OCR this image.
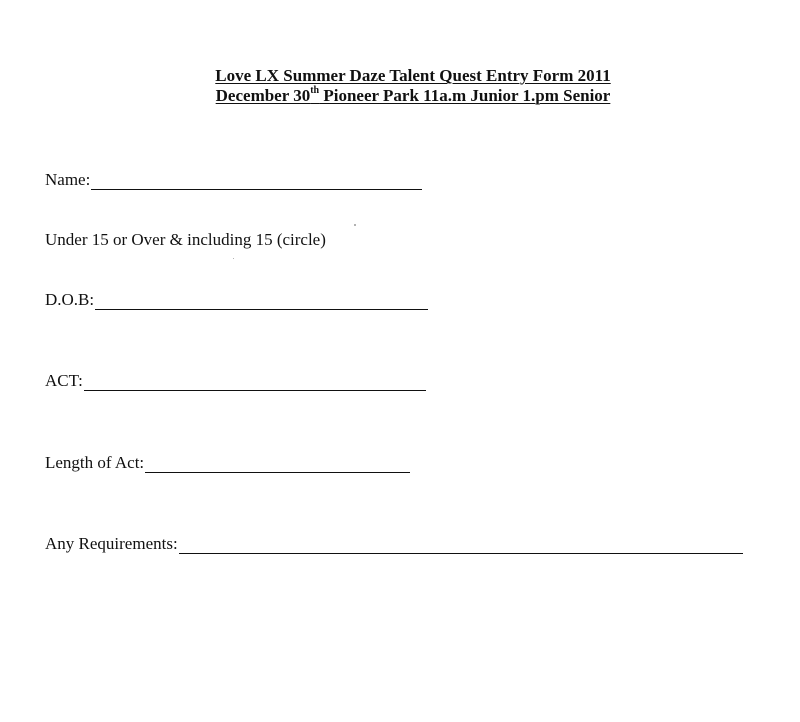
Love LX Summer Daze Talent Quest Entry Form 2011
December 30th Pioneer Park 11a.m Junior 1.pm Senior
Name:
Under 15 or Over & including 15 (circle)
D.O.B:
ACT:
Length of Act:
Any Requirements:
